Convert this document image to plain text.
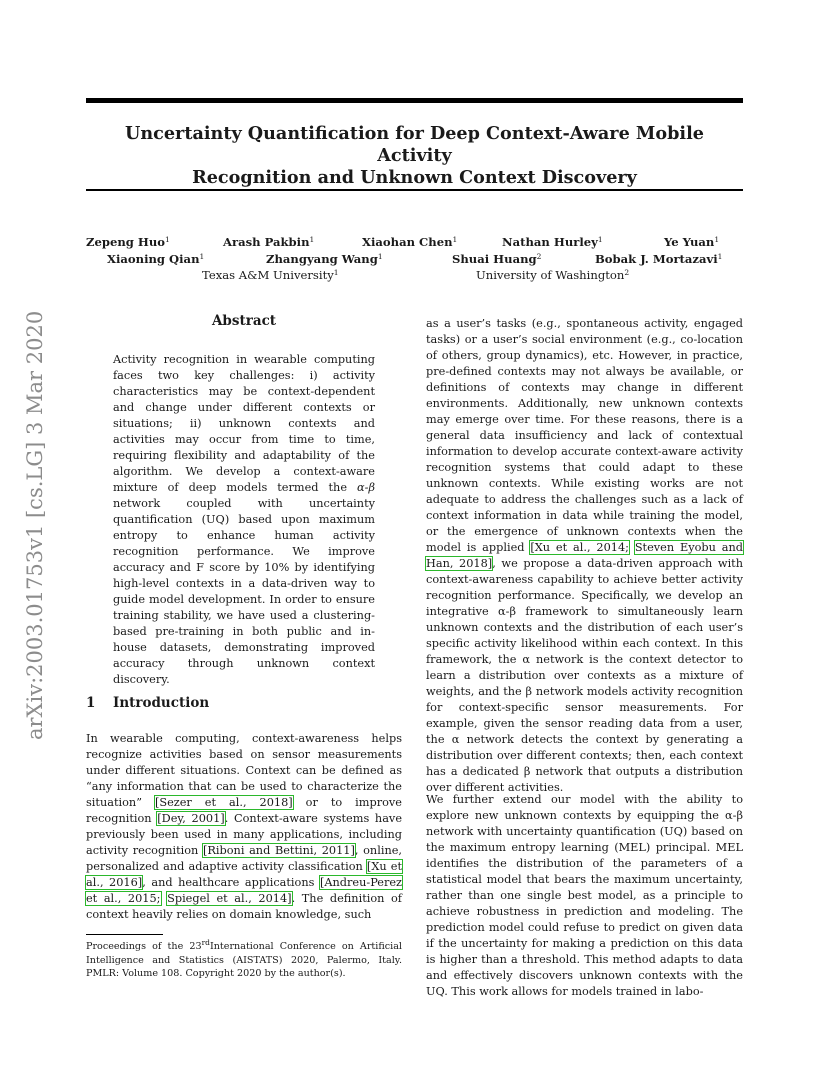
arXiv:2003.01753v1 [cs.LG] 3 Mar 2020
Uncertainty Quantification for Deep Context-Aware Mobile Activity
Recognition and Unknown Context Discovery
Zepeng Huo$^1$	Arash Pakbin$^1$	Xiaohan Chen$^1$	Nathan Hurley$^1$	Ye Yuan$^1$
Xiaoning Qian$^1$	Zhangyang Wang$^1$	Shuai Huang$^2$	Bobak J. Mortazavi$^1$
Texas A&M University$^1$	University of Washington$^2$
Abstract

Activity recognition in wearable computing faces two key challenges: i) activity characteristics may be context-dependent and change under different contexts or situations; ii) unknown contexts and activities may occur from time to time, requiring flexibility and adaptability of the algorithm. We develop a context-aware mixture of deep models termed the α-β network coupled with uncertainty quantification (UQ) based upon maximum entropy to enhance human activity recognition performance. We improve accuracy and F score by 10% by identifying high-level contexts in a data-driven way to guide model development. In order to ensure training stability, we have used a clustering-based pre-training in both public and in-house datasets, demonstrating improved accuracy through unknown context discovery.

1 Introduction

In wearable computing, context-awareness helps recognize activities based on sensor measurements under different situations. Context can be defined as “any information that can be used to characterize the situation” [Sezer et al., 2018] or to improve recognition [Dey, 2001]. Context-aware systems have previously been used in many applications, including activity recognition [Riboni and Bettini, 2011], online, personalized and adaptive activity classification [Xu et al., 2016], and healthcare applications [Andreu-Perez et al., 2015; Spiegel et al., 2014]. The definition of context heavily relies on domain knowledge, such

Proceedings of the 23rdInternational Conference on Artificial Intelligence and Statistics (AISTATS) 2020, Palermo, Italy. PMLR: Volume 108. Copyright 2020 by the author(s).

as a user’s tasks (e.g., spontaneous activity, engaged tasks) or a user’s social environment (e.g., co-location of others, group dynamics), etc. However, in practice, pre-defined contexts may not always be available, or definitions of contexts may change in different environments. Additionally, new unknown contexts may emerge over time. For these reasons, there is a general data insufficiency and lack of contextual information to develop accurate context-aware activity recognition systems that could adapt to these unknown contexts. While existing works are not adequate to address the challenges such as a lack of context information in data while training the model, or the emergence of unknown contexts when the model is applied [Xu et al., 2014; Steven Eyobu and Han, 2018], we propose a data-driven approach with context-awareness capability to achieve better activity recognition performance. Specifically, we develop an integrative α-β framework to simultaneously learn unknown contexts and the distribution of each user’s specific activity likelihood within each context. In this framework, the α network is the context detector to learn a distribution over contexts as a mixture of weights, and the β network models activity recognition for context-specific sensor measurements. For example, given the sensor reading data from a user, the α network detects the context by generating a distribution over different contexts; then, each context has a dedicated β network that outputs a distribution over different activities.

We further extend our model with the ability to explore new unknown contexts by equipping the α-β network with uncertainty quantification (UQ) based on the maximum entropy learning (MEL) principal. MEL identifies the distribution of the parameters of a statistical model that bears the maximum uncertainty, rather than one single best model, as a principle to achieve robustness in prediction and modeling. The prediction model could refuse to predict on given data if the uncertainty for making a prediction on this data is higher than a threshold. This method adapts to data and effectively discovers unknown contexts with the UQ. This work allows for models trained in labo-
